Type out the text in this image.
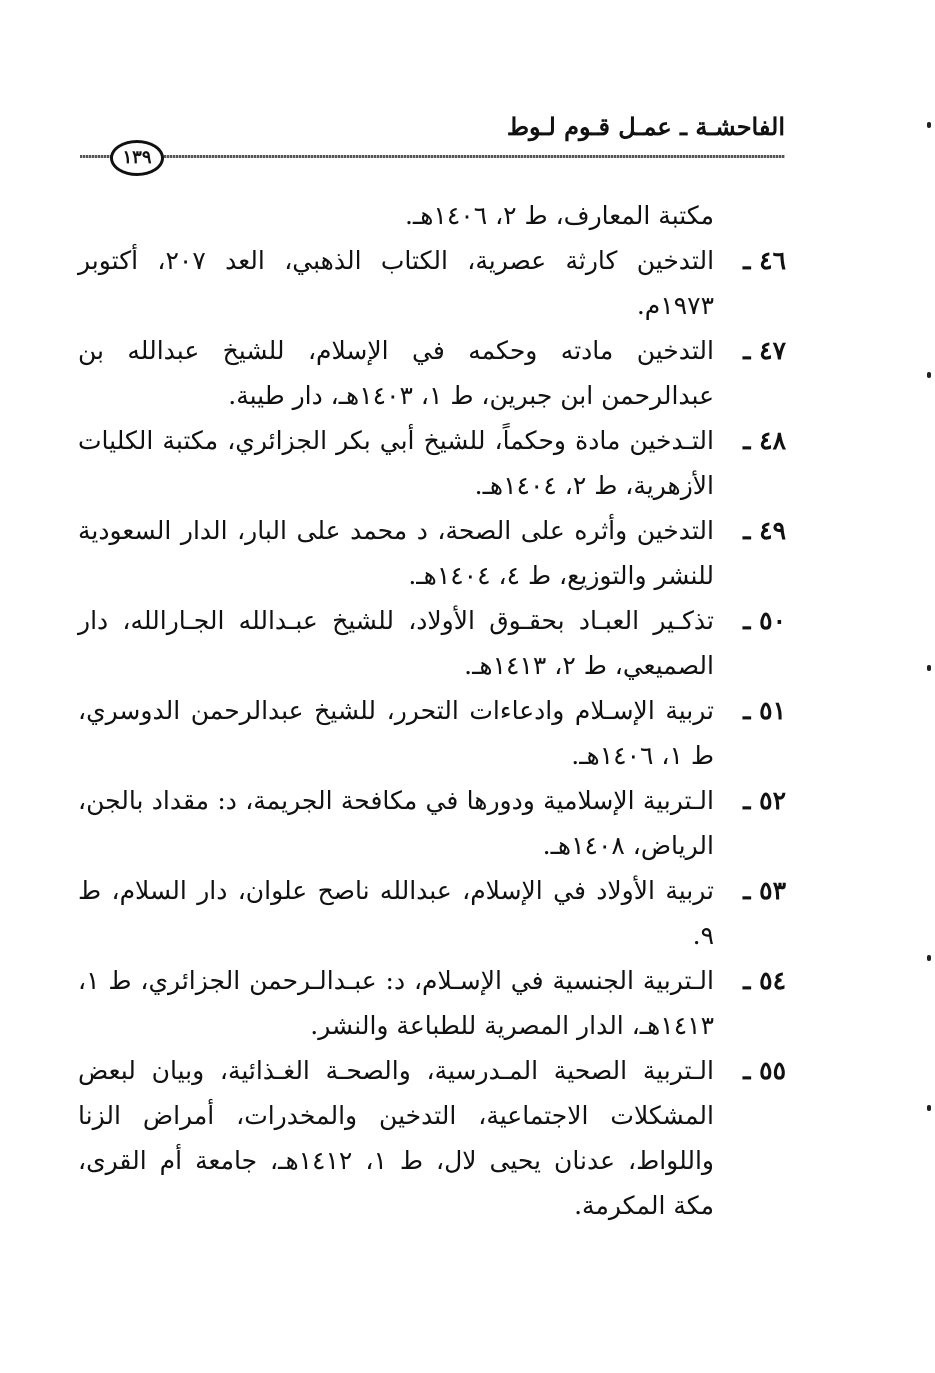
الفاحشـة ـ عمـل قـوم لـوط
١٣٩
مكتبة المعارف، ط ٢، ١٤٠٦هـ.
٤٦ ـ
التدخين كارثة عصرية، الكتاب الذهبي، العد ٢٠٧، أكتوبر ١٩٧٣م.
٤٧ ـ
التدخين مادته وحكمه في الإسلام، للشيخ عبدالله بن عبدالرحمن ابن جبرين، ط ١، ١٤٠٣هـ، دار طيبة.
٤٨ ـ
التـدخين مادة وحكماً، للشيخ أبي بكر الجزائري، مكتبة الكليات الأزهرية، ط ٢، ١٤٠٤هـ.
٤٩ ـ
التدخين وأثره على الصحة، د محمد على البار، الدار السعودية للنشر والتوزيع، ط ٤، ١٤٠٤هـ.
٥٠ ـ
تذكـير العبـاد بحقـوق الأولاد، للشيخ عبـدالله الجـارالله، دار الصميعي، ط ٢، ١٤١٣هـ.
٥١ ـ
تربية الإسـلام وادعاءات التحرر، للشيخ عبدالرحمن الدوسري، ط ١، ١٤٠٦هـ.
٥٢ ـ
الـتربية الإسلامية ودورها في مكافحة الجريمة، د: مقداد بالجن، الرياض، ١٤٠٨هـ.
٥٣ ـ
تربية الأولاد في الإسلام، عبدالله ناصح علوان، دار السلام، ط ٩.
٥٤ ـ
الـتربية الجنسية في الإسـلام، د: عبـدالـرحمن الجزائري، ط ١، ١٤١٣هـ، الدار المصرية للطباعة والنشر.
٥٥ ـ
الـتربية الصحية المـدرسية، والصحـة الغـذائية، وبيان لبعض المشكلات الاجتماعية، التدخين والمخدرات، أمراض الزنا واللواط، عدنان يحيى لال، ط ١، ١٤١٢هـ، جامعة أم القرى، مكة المكرمة.
